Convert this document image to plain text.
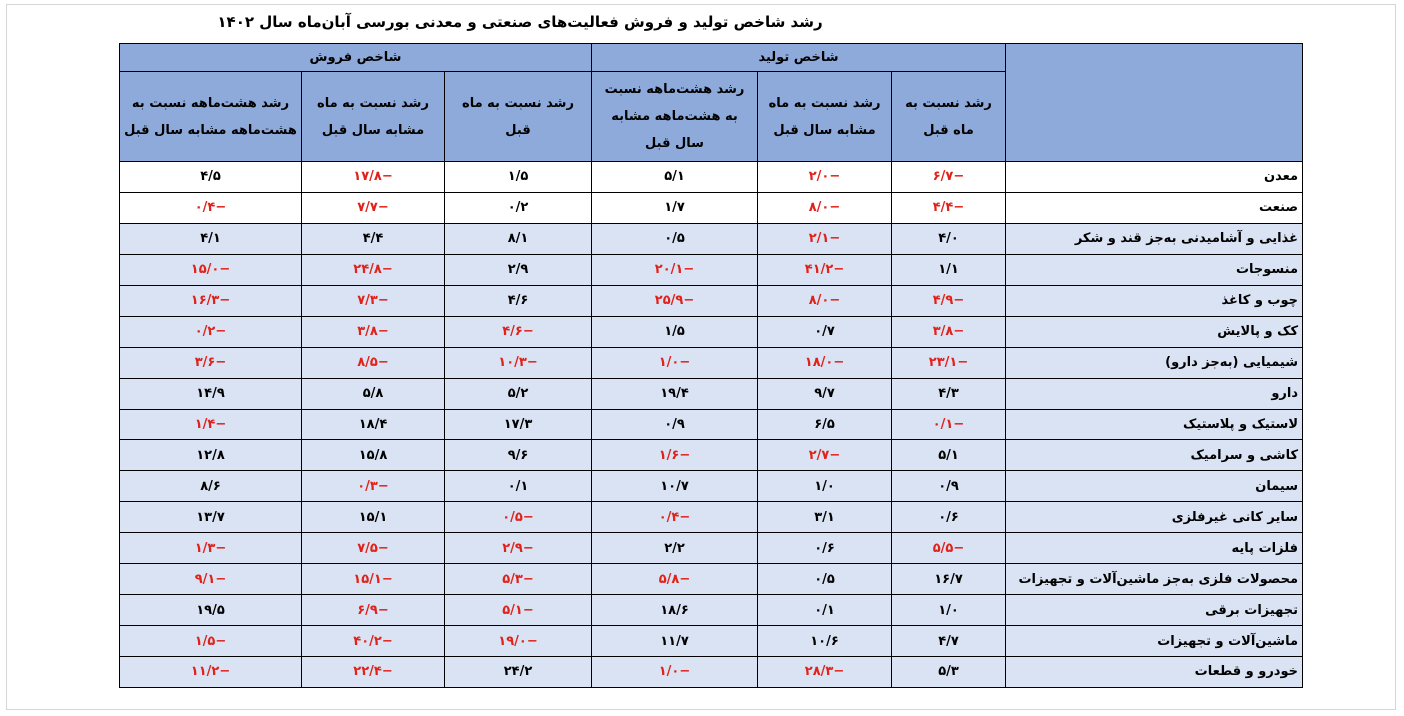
رشد شاخص تولید و فروش فعالیت‌های صنعتی و معدنی بورسی آبان‌ماه سال ۱۴۰۲
	شاخص تولید			شاخص فروش		
	رشد نسبت به ماه قبل	رشد نسبت به ماه مشابه سال قبل	رشد هشت‌ماهه نسبت به هشت‌ماهه مشابه سال قبل	رشد نسبت به ماه قبل	رشد نسبت به ماه مشابه سال قبل	رشد هشت‌ماهه نسبت به هشت‌ماهه مشابه سال قبل
معدن	−۶/۷	−۲/۰	۵/۱	۱/۵	−۱۷/۸	۴/۵
صنعت	−۴/۴	−۸/۰	۱/۷	۰/۲	−۷/۷	−۰/۴
غذایی و آشامیدنی به‌جز قند و شکر	۴/۰	−۲/۱	۰/۵	۸/۱	۴/۴	۴/۱
منسوجات	۱/۱	−۴۱/۲	−۲۰/۱	۲/۹	−۲۴/۸	−۱۵/۰
چوب و کاغذ	−۴/۹	−۸/۰	−۲۵/۹	۴/۶	−۷/۳	−۱۶/۳
کک و پالایش	−۳/۸	۰/۷	۱/۵	−۴/۶	−۳/۸	−۰/۲
شیمیایی (به‌جز دارو)	−۲۳/۱	−۱۸/۰	−۱/۰	−۱۰/۳	−۸/۵	−۳/۶
دارو	۴/۳	۹/۷	۱۹/۴	۵/۲	۵/۸	۱۴/۹
لاستیک و پلاستیک	−۰/۱	۶/۵	۰/۹	۱۷/۳	۱۸/۴	−۱/۴
کاشی و سرامیک	۵/۱	−۲/۷	−۱/۶	۹/۶	۱۵/۸	۱۲/۸
سیمان	۰/۹	۱/۰	۱۰/۷	۰/۱	−۰/۳	۸/۶
سایر کانی غیرفلزی	۰/۶	۳/۱	−۰/۴	−۰/۵	۱۵/۱	۱۳/۷
فلزات پایه	−۵/۵	۰/۶	۲/۲	−۲/۹	−۷/۵	−۱/۳
محصولات فلزی به‌جز ماشین‌آلات و تجهیزات	۱۶/۷	۰/۵	−۵/۸	−۵/۳	−۱۵/۱	−۹/۱
تجهیزات برقی	۱/۰	۰/۱	۱۸/۶	−۵/۱	−۶/۹	۱۹/۵
ماشین‌آلات و تجهیزات	۴/۷	۱۰/۶	۱۱/۷	−۱۹/۰	−۴۰/۲	−۱/۵
خودرو و قطعات	۵/۳	−۲۸/۳	−۱/۰	۲۴/۲	−۲۲/۴	−۱۱/۲
